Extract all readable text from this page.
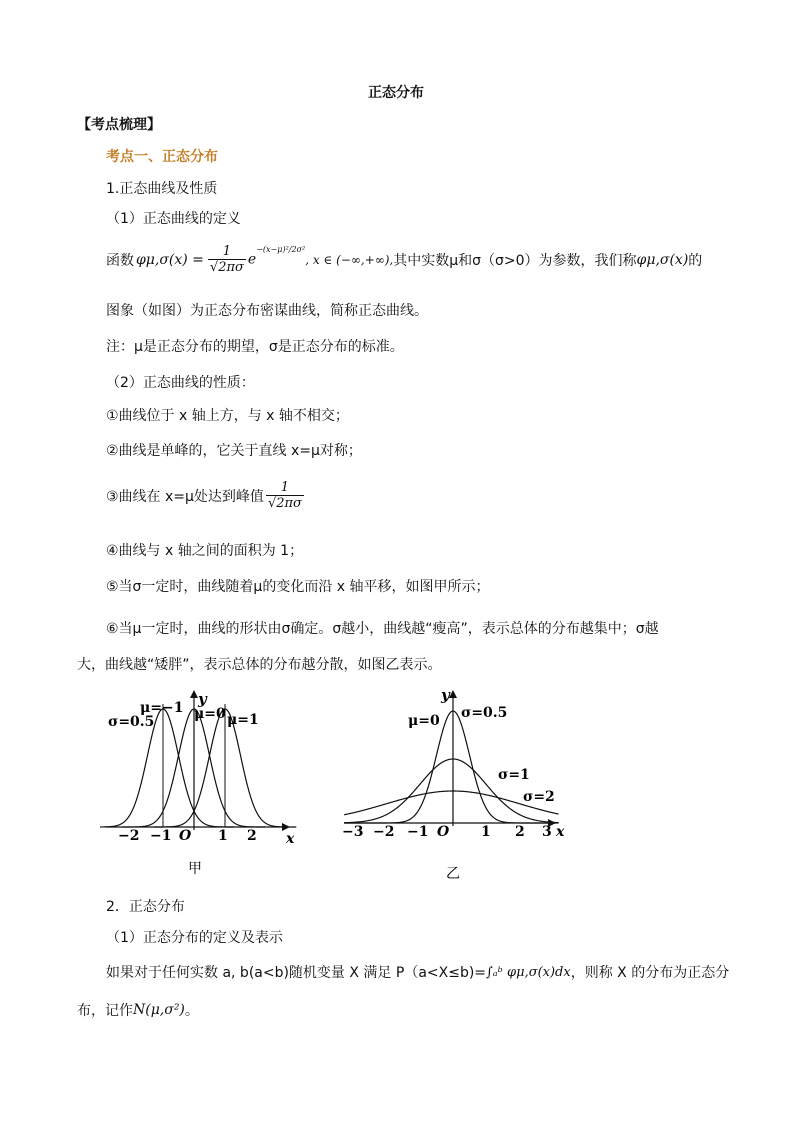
正态分布
【考点梳理】
考点一、正态分布
1.正态曲线及性质
（1）正态曲线的定义
函数 $\varphi\mu,\sigma(x) = \frac{1}{√2\pi\sigma} e^{-(x-\mu)^2/2\sigma^2}$
, x ∈ (−∞,+∞), 其中实数μ和σ（σ>0）为参数，我们称 φμ,σ(x) 的
图象（如图）为正态分布密谋曲线，简称正态曲线。
注：μ是正态分布的期望，σ是正态分布的标准。
（2）正态曲线的性质：
①曲线位于 x 轴上方，与 x 轴不相交；
②曲线是单峰的，它关于直线 x=μ对称；
③曲线在 x=μ处达到峰值 $\frac{1}{√2\pi\sigma}$
④曲线与 x 轴之间的面积为 1；
⑤当σ一定时，曲线随着μ的变化而沿 x 轴平移，如图甲所示；
⑥当μ一定时，曲线的形状由σ确定。σ越小，曲线越“瘦高”，表示总体的分布越集中；σ越
大，曲线越“矮胖”，表示总体的分布越分散，如图乙表示。
y
x
σ=0.5
μ=−1 μ=0 μ=1
−2 −1 O 1 2
甲
y
x
μ=0 σ=0.5
σ=1
σ=2
−3 −2 −1 O 1 2 3
乙
2．正态分布
（1）正态分布的定义及表示
如果对于任何实数 a, b(a<b)随机变量 X 满足 P（a<X≤b)= ∫ₐᵇ φμ,σ(x)dx ，则称 X 的分布为正态分
布，记作 N(μ,σ²) 。
